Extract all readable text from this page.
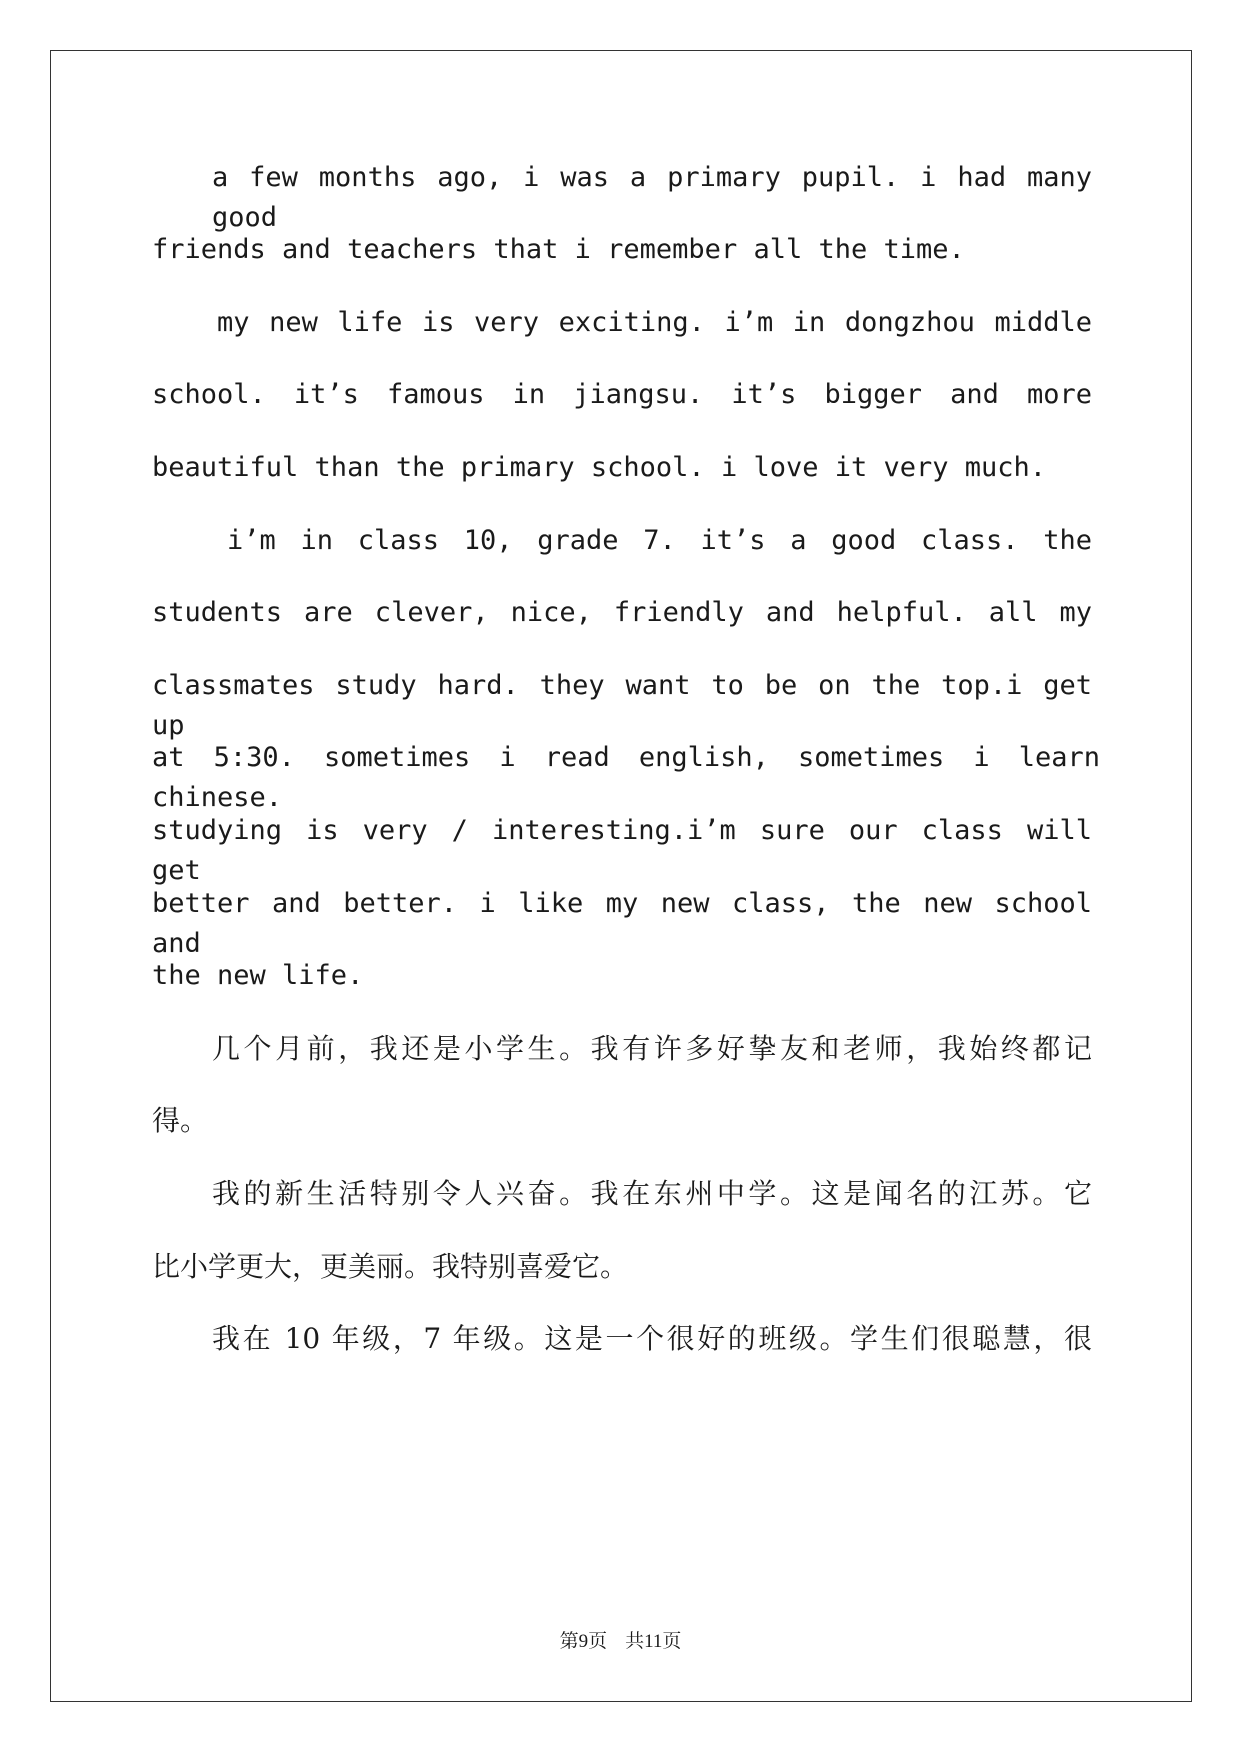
a few months ago, i was a primary pupil. i had many good
friends and teachers that i remember all the time.
my new life is very exciting. i’m in dongzhou middle
school. it’s famous in jiangsu. it’s bigger and more
beautiful than the primary school. i love it very much.
i’m in class 10, grade 7. it’s a good class. the
students are clever, nice, friendly and helpful. all my
classmates study hard. they want to be on the top.i get up
at 5:30. sometimes i read english, sometimes i learn chinese.
studying is very / interesting.i’m sure our class will get
better and better. i like my new class, the new school and
the new life.
几个月前，我还是小学生。我有许多好挚友和老师，我始终都记
得。
我的新生活特别令人兴奋。我在东州中学。这是闻名的江苏。它
比小学更大，更美丽。我特别喜爱它。
我在 10 年级，7 年级。这是一个很好的班级。学生们很聪慧，很
第9页 共11页
